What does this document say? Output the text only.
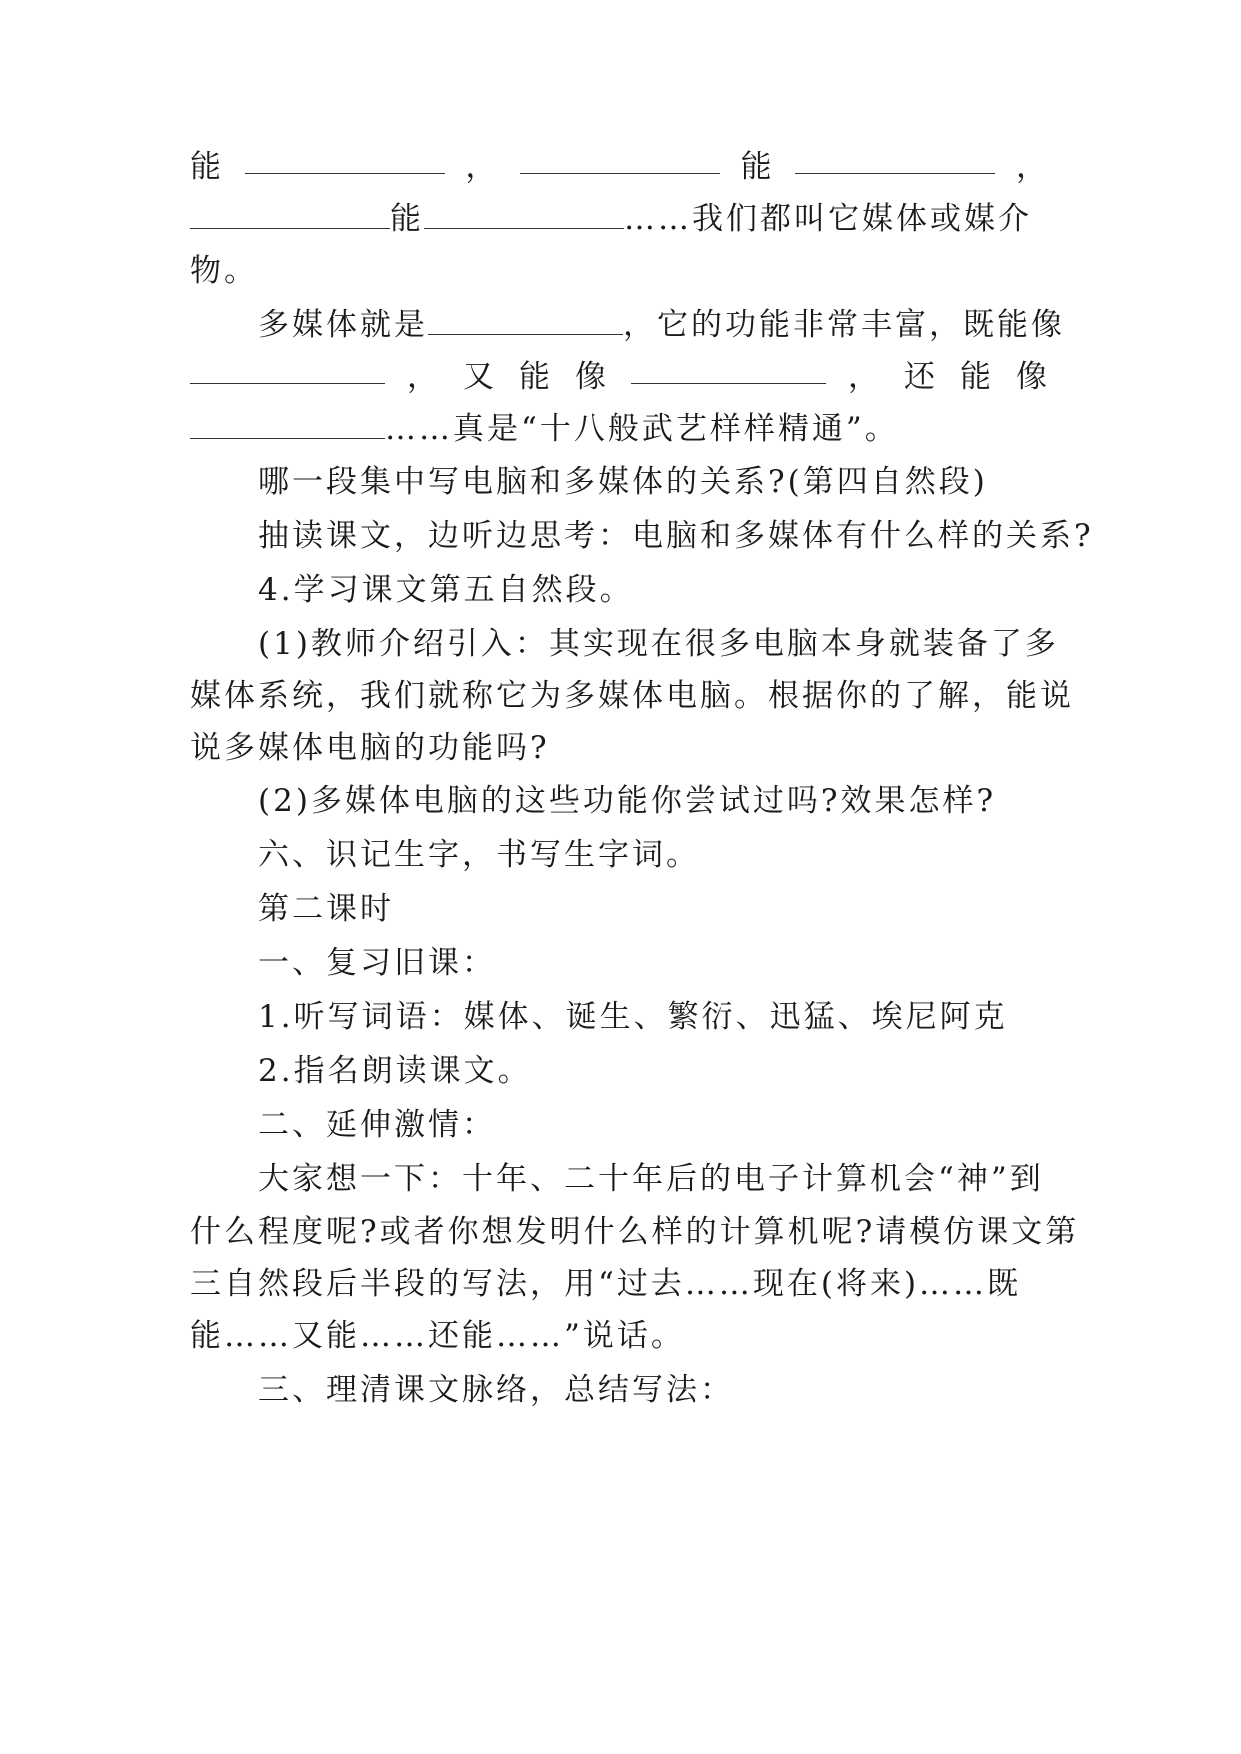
能	，	能	，
能	……我们都叫它媒体或媒介
物。
多媒体就是	，它的功能非常丰富，既能像
， 又 能 像	， 还 能 像
……真是“十八般武艺样样精通”。
哪一段集中写电脑和多媒体的关系?(第四自然段)
抽读课文，边听边思考：电脑和多媒体有什么样的关系?
4.学习课文第五自然段。
(1)教师介绍引入：其实现在很多电脑本身就装备了多
媒体系统，我们就称它为多媒体电脑。根据你的了解，能说
说多媒体电脑的功能吗?
(2)多媒体电脑的这些功能你尝试过吗?效果怎样?
六、识记生字，书写生字词。
第二课时
一、复习旧课：
1.听写词语：媒体、诞生、繁衍、迅猛、埃尼阿克
2.指名朗读课文。
二、延伸激情：
大家想一下：十年、二十年后的电子计算机会“神”到
什么程度呢?或者你想发明什么样的计算机呢?请模仿课文第
三自然段后半段的写法，用“过去……现在(将来)……既
能……又能……还能……”说话。
三、理清课文脉络，总结写法：
